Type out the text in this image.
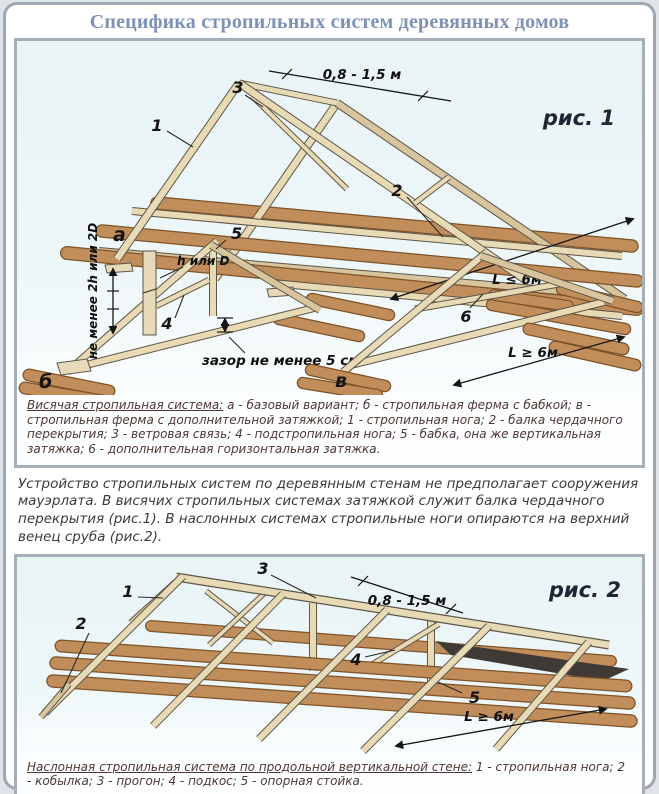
Специфика стропильных систем деревянных домов
1
3
2
а
0,8 - 1,5 м
рис. 1
L ≤ 6м
зазор не менее 5 см
5
4
б
h или D
не менее 2h или 2D	6
в
L ≥ 6м

Висячая стропильная система: а - базовый вариант; б - стропильная ферма с бабкой; в - стропильная ферма с дополнительной затяжкой; 1 - стропильная нога; 2 - балка чердачного перекрытия; 3 - ветровая связь; 4 - подстропильная нога; 5 - бабка, она же вертикальная затяжка; 6 - дополнительная горизонтальная затяжка.

Устройство стропильных систем по деревянным стенам не предполагает сооружения мауэрлата. В висячих стропильных системах затяжкой служит балка чердачного перекрытия (рис.1). В наслонных системах стропильные ноги опираются на верхний венец сруба (рис.2).

1
2
3
4
5
0,8 - 1,5 м
L ≥ 6м
рис. 2

Наслонная стропильная система по продольной вертикальной стене: 1 - стропильная нога; 2 - кобылка; 3 - прогон; 4 - подкос; 5 - опорная стойка.
